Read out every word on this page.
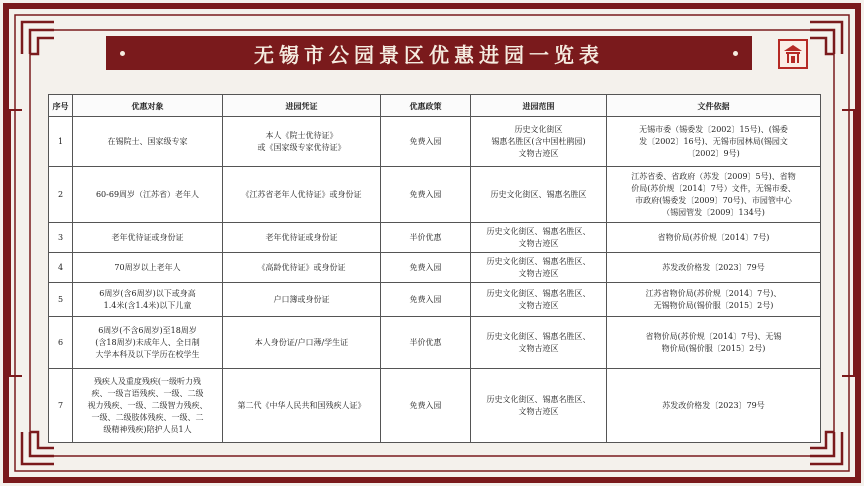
无锡市公园景区优惠进园一览表
序号	优惠对象	进园凭证	优惠政策	进园范围	文件依据
1	在锡院士、国家级专家	本人《院士优待证》
或《国家级专家优待证》	免费入园	历史文化街区
锡惠名胜区(含中国杜鹃园)
文物古迹区	无锡市委（锡委发〔2002〕15号)、(锡委
发〔2002〕16号)、无锡市园林局(锡园文
〔2002〕9号)
2	60-69周岁（江苏省）老年人	《江苏省老年人优待证》或身份证	免费入园	历史文化街区、锡惠名胜区	江苏省委、省政府（苏发〔2009〕5号)、省物
价局(苏价规〔2014〕7号）文件，无锡市委、
市政府(锡委发〔2009〕70号)、市园管中心
（锡园管发〔2009〕134号)
3	老年优待证或身份证	老年优待证或身份证	半价优惠	历史文化街区、锡惠名胜区、
文物古迹区	省物价局(苏价规〔2014〕7号)
4	70周岁以上老年人	《高龄优待证》或身份证	免费入园	历史文化街区、锡惠名胜区、
文物古迹区	苏发改价格发〔2023〕79号
5	6周岁(含6周岁)以下或身高
1.4米(含1.4米)以下儿童	户口簿或身份证	免费入园	历史文化街区、锡惠名胜区、
文物古迹区	江苏省物价局(苏价规〔2014〕7号)、
无锡物价局(锡价服〔2015〕2号)
6	6周岁(不含6周岁)至18周岁
(含18周岁)未成年人、全日制
大学本科及以下学历在校学生	本人身份证/户口薄/学生证	半价优惠	历史文化街区、锡惠名胜区、
文物古迹区	省物价局(苏价规〔2014〕7号)、无锡
物价局(锡价服〔2015〕2号)
7	残疾人及重度残疾(一级听力残
疾、一级言语残疾、一级、二级
视力残疾、一级、二级智力残疾、
一级、二级肢体残疾、一级、二
级精神残疾)陪护人员1人	第二代《中华人民共和国残疾人证》	免费入园	历史文化街区、锡惠名胜区、
文物古迹区	苏发改价格发〔2023〕79号
